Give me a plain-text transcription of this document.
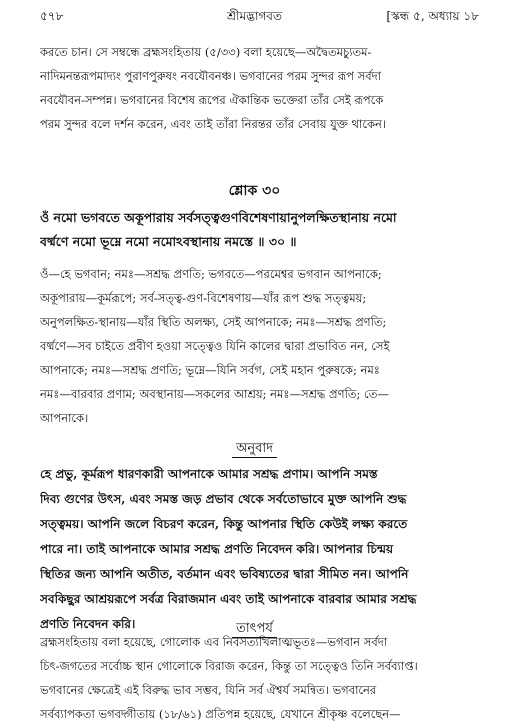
৫৭৮	শ্রীমদ্ভাগবত	[স্কন্ধ ৫, অধ্যায় ১৮
করতে চান। সে সম্বন্ধে ব্রহ্মসংহিতায় (৫/৩৩) বলা হয়েছে—অদ্বৈতমচ্যুতম-
নাদিমনন্তরূপমাদ্যং পুরাণপুরুষং নবযৌবনঞ্চ। ভগবানের পরম সুন্দর রূপ সর্বদা
নবযৌবন-সম্পন্ন। ভগবানের বিশেষ রূপের ঐকান্তিক ভক্তেরা তাঁর সেই রূপকে
পরম সুন্দর বলে দর্শন করেন, এবং তাই তাঁরা নিরন্তর তাঁর সেবায় যুক্ত থাকেন।
শ্লোক ৩০
ওঁ নমো ভগবতে অকূপারায় সর্বসত্ত্বগুণবিশেষণায়ানুপলক্ষিতস্থানায় নমো
বর্ষ্মণে নমো ভূম্নে নমো নমোঽবস্থানায় নমস্তে ॥ ৩০ ॥
ওঁ—হে ভগবান; নমঃ—সশ্রদ্ধ প্রণতি; ভগবতে—পরমেশ্বর ভগবান আপনাকে;
অকূপারায়—কূর্মরূপে; সর্ব-সত্ত্ব-গুণ-বিশেষণায়—যাঁর রূপ শুদ্ধ সত্ত্বময়;
অনুপলক্ষিত-স্থানায়—যাঁর স্থিতি অলক্ষ্য, সেই আপনাকে; নমঃ—সশ্রদ্ধ প্রণতি;
বর্ষ্মণে—সব চাইতে প্রবীণ হওয়া সত্ত্বেও যিনি কালের দ্বারা প্রভাবিত নন, সেই
আপনাকে; নমঃ—সশ্রদ্ধ প্রণতি; ভূম্নে—যিনি সর্বগ, সেই মহান পুরুষকে; নমঃ
নমঃ—বারবার প্রণাম; অবস্থানায়—সকলের আশ্রয়; নমঃ—সশ্রদ্ধ প্রণতি; তে—
আপনাকে।
অনুবাদ
হে প্রভু, কূর্মরূপ ধারণকারী আপনাকে আমার সশ্রদ্ধ প্রণাম। আপনি সমস্ত
দিব্য গুণের উৎস, এবং সমস্ত জড় প্রভাব থেকে সর্বতোভাবে মুক্ত আপনি শুদ্ধ
সত্ত্বময়। আপনি জলে বিচরণ করেন, কিন্তু আপনার স্থিতি কেউই লক্ষ্য করতে
পারে না। তাই আপনাকে আমার সশ্রদ্ধ প্রণতি নিবেদন করি। আপনার চিন্ময়
স্থিতির জন্য আপনি অতীত, বর্তমান এবং ভবিষ্যতের দ্বারা সীমিত নন। আপনি
সবকিছুর আশ্রয়রূপে সর্বত্র বিরাজমান এবং তাই আপনাকে বারবার আমার সশ্রদ্ধ
প্রণতি নিবেদন করি।	তাৎপর্য
ব্রহ্মসংহিতায় বলা হয়েছে, গোলোক এব নিবসত্যখিলাত্মভূতঃ—ভগবান সর্বদা
চিৎ-জগতের সর্বোচ্চ স্থান গোলোকে বিরাজ করেন, কিন্তু তা সত্ত্বেও তিনি সর্বব্যাপ্ত।
ভগবানের ক্ষেত্রেই এই বিরুদ্ধ ভাব সম্ভব, যিনি সর্ব ঐশ্বর্য সমন্বিত। ভগবানের
সর্বব্যাপকতা ভগবদ্গীতায় (১৮/৬১) প্রতিপন্ন হয়েছে, যেখানে শ্রীকৃষ্ণ বলেছেন—
